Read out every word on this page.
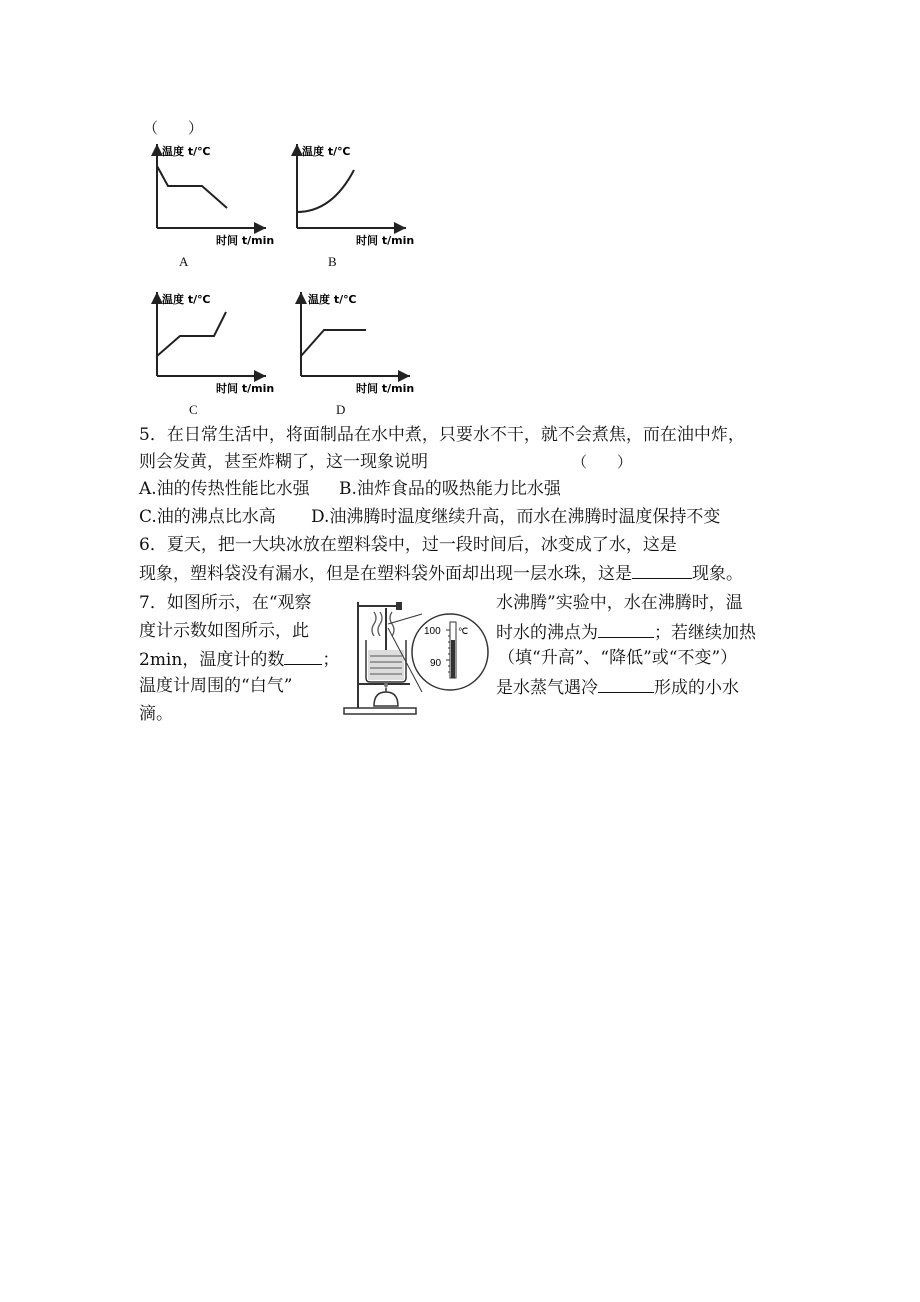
（　　）
温度 t/℃
时间 t/min
A
温度 t/℃
时间 t/min
B
温度 t/℃
时间 t/min
C
温度 t/℃
时间 t/min
D
5．在日常生活中，将面制品在水中煮，只要水不干，就不会煮焦，而在油中炸，
则会发黄，甚至炸糊了，这一现象说明	（　　）
A.油的传热性能比水强 B.油炸食品的吸热能力比水强
C.油的沸点比水高 D.油沸腾时温度继续升高，而水在沸腾时温度保持不变
6．夏天，把一大块冰放在塑料袋中，过一段时间后，冰变成了水，这是
现象，塑料袋没有漏水，但是在塑料袋外面却出现一层水珠，这是	现象。
7．如图所示，在“观察	水沸腾”实验中，水在沸腾时，温
度计示数如图所示，此	时水的沸点为	；若继续加热
2min，温度计的数 ；	（填“升高”、“降低”或“不变”）
温度计周围的“白气”	是水蒸气遇冷	形成的小水
滴。
100 ℃
90
